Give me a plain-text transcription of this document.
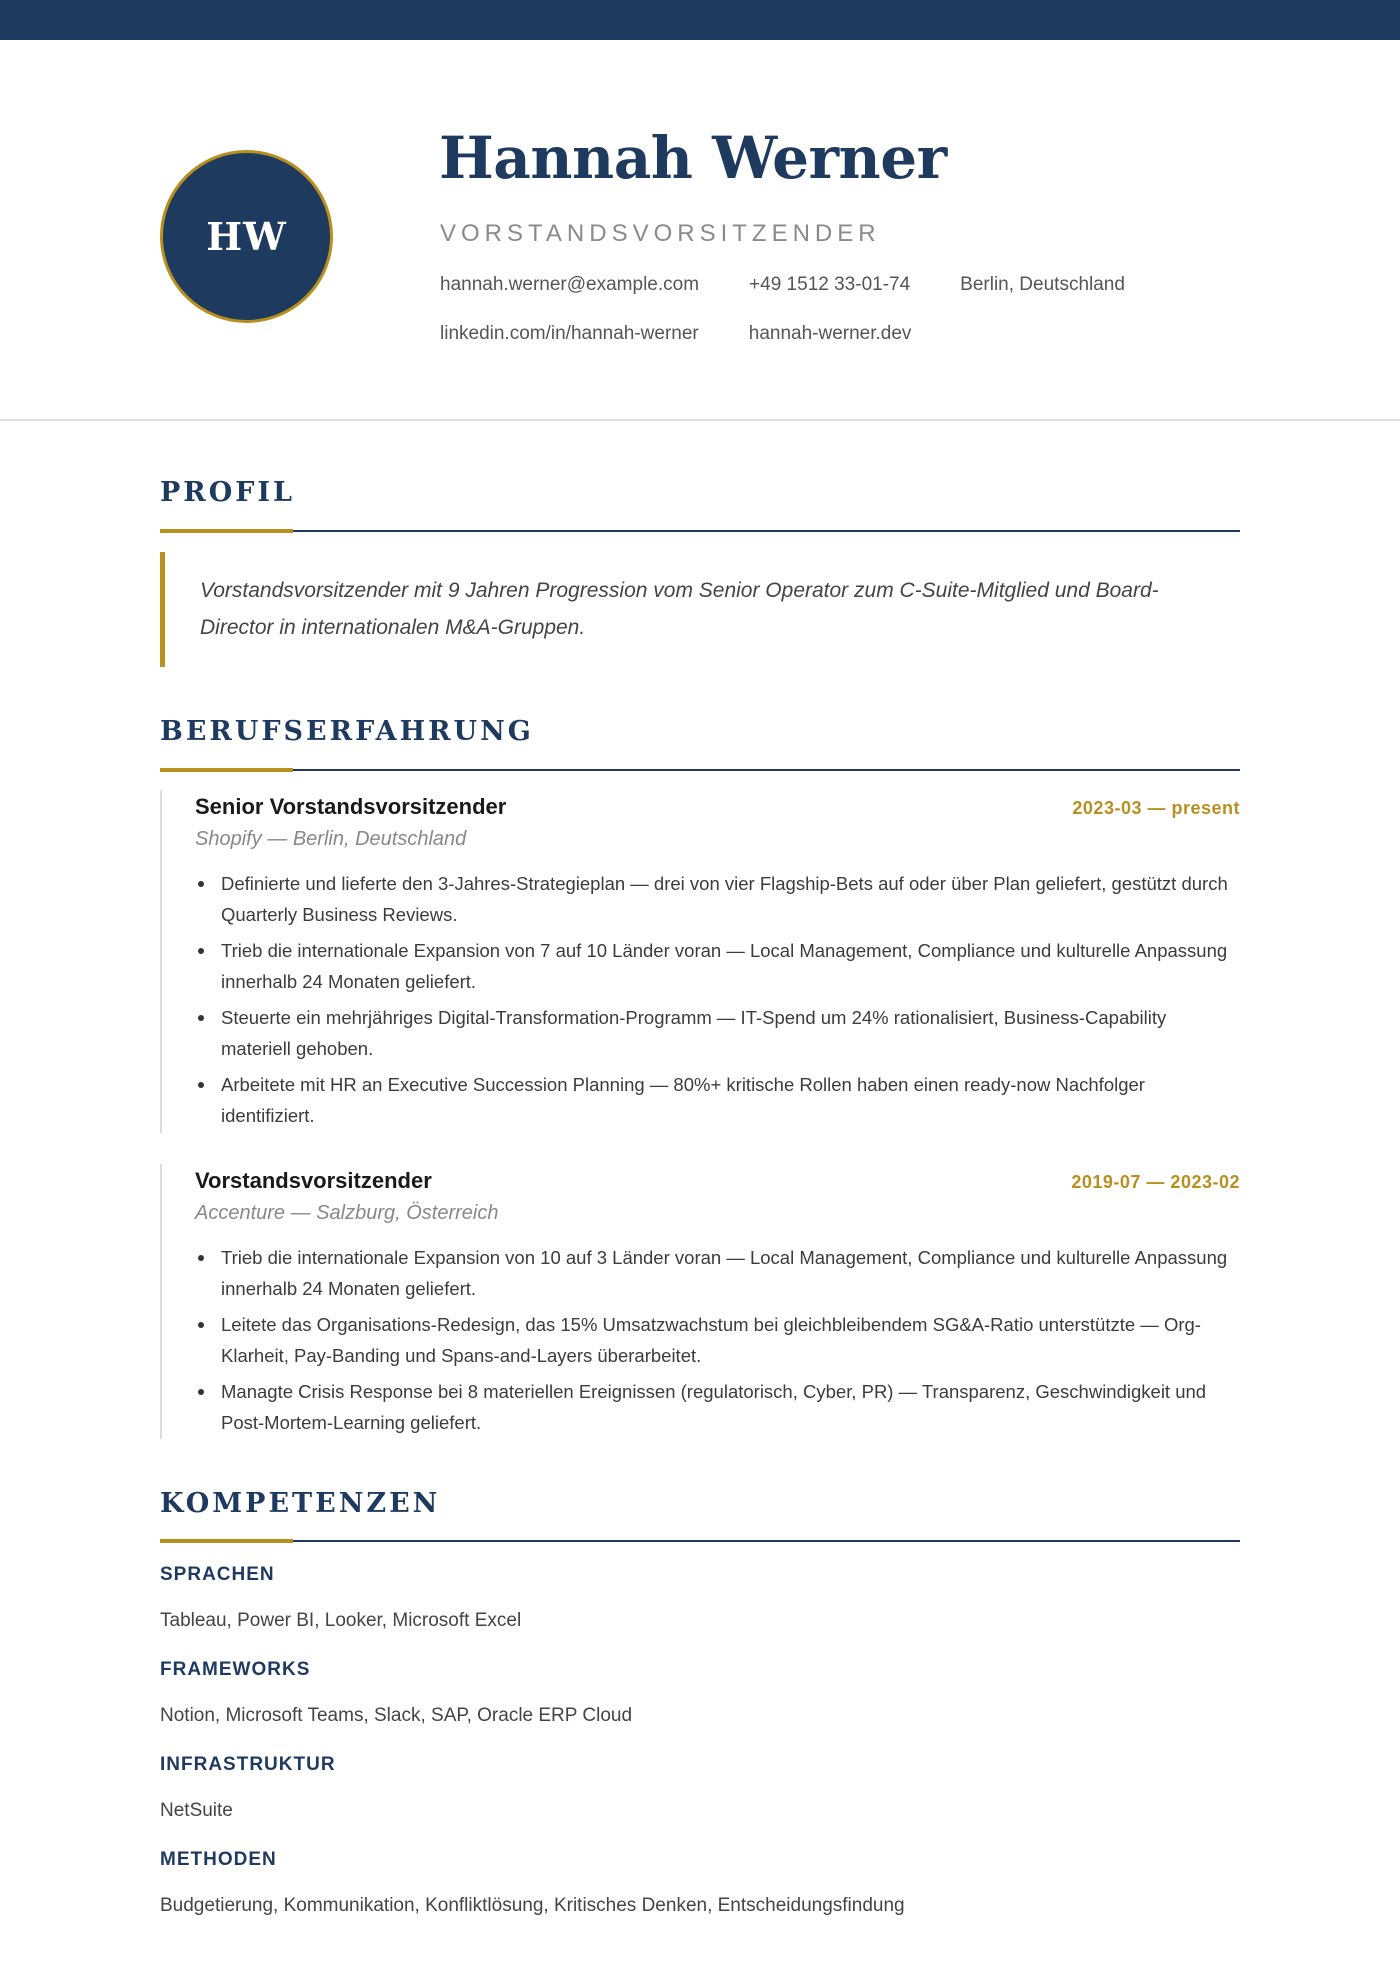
HW
Hannah Werner
VORSTANDSVORSITZENDER
hannah.werner@example.com	+49 1512 33-01-74	Berlin, Deutschland
linkedin.com/in/hannah-werner	hannah-werner.dev
PROFIL
Vorstandsvorsitzender mit 9 Jahren Progression vom Senior Operator zum C-Suite-Mitglied und Board-Director in internationalen M&A-Gruppen.
BERUFSERFAHRUNG
Senior Vorstandsvorsitzender	2023-03 — present
Shopify — Berlin, Deutschland
Definierte und lieferte den 3-Jahres-Strategieplan — drei von vier Flagship-Bets auf oder über Plan geliefert, gestützt durch Quarterly Business Reviews.
Trieb die internationale Expansion von 7 auf 10 Länder voran — Local Management, Compliance und kulturelle Anpassung innerhalb 24 Monaten geliefert.
Steuerte ein mehrjähriges Digital-Transformation-Programm — IT-Spend um 24% rationalisiert, Business-Capability materiell gehoben.
Arbeitete mit HR an Executive Succession Planning — 80%+ kritische Rollen haben einen ready-now Nachfolger identifiziert.
Vorstandsvorsitzender	2019-07 — 2023-02
Accenture — Salzburg, Österreich
Trieb die internationale Expansion von 10 auf 3 Länder voran — Local Management, Compliance und kulturelle Anpassung innerhalb 24 Monaten geliefert.
Leitete das Organisations-Redesign, das 15% Umsatzwachstum bei gleichbleibendem SG&A-Ratio unterstützte — Org-Klarheit, Pay-Banding und Spans-and-Layers überarbeitet.
Managte Crisis Response bei 8 materiellen Ereignissen (regulatorisch, Cyber, PR) — Transparenz, Geschwindigkeit und Post-Mortem-Learning geliefert.
KOMPETENZEN
SPRACHEN
Tableau, Power BI, Looker, Microsoft Excel
FRAMEWORKS
Notion, Microsoft Teams, Slack, SAP, Oracle ERP Cloud
INFRASTRUKTUR
NetSuite
METHODEN
Budgetierung, Kommunikation, Konfliktlösung, Kritisches Denken, Entscheidungsfindung
